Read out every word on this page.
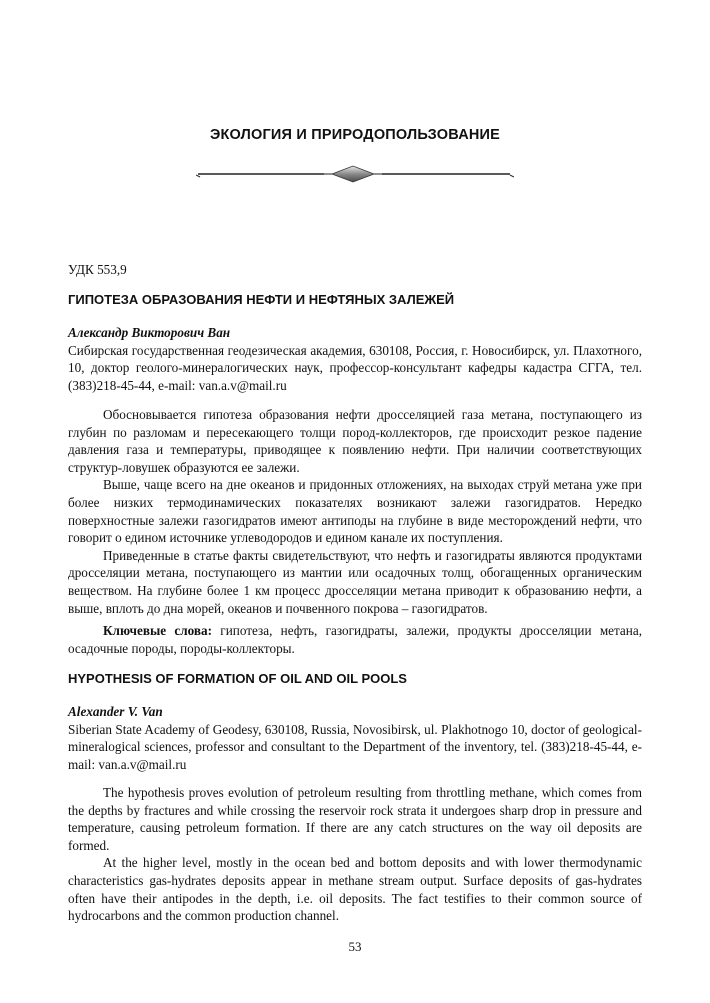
ЭКОЛОГИЯ И ПРИРОДОПОЛЬЗОВАНИЕ
УДК 553,9
ГИПОТЕЗА ОБРАЗОВАНИЯ НЕФТИ И НЕФТЯНЫХ ЗАЛЕЖЕЙ
Александр Викторович Ван
Сибирская государственная геодезическая академия, 630108, Россия, г. Новосибирск, ул. Плахотного, 10, доктор геолого-минералогических наук, профессор-консультант кафедры кадастра СГГА, тел. (383)218-45-44, e-mail: van.a.v@mail.ru

Обосновывается гипотеза образования нефти дросселяцией газа метана, поступающего из глубин по разломам и пересекающего толщи пород-коллекторов, где происходит резкое падение давления газа и температуры, приводящее к появлению нефти. При наличии соответствующих структур-ловушек образуются ее залежи.

Выше, чаще всего на дне океанов и придонных отложениях, на выходах струй метана уже при более низких термодинамических показателях возникают залежи газогидратов. Нередко поверхностные залежи газогидратов имеют антиподы на глубине в виде месторождений нефти, что говорит о едином источнике углеводородов и едином канале их поступления.

Приведенные в статье факты свидетельствуют, что нефть и газогидраты являются продуктами дросселяции метана, поступающего из мантии или осадочных толщ, обогащенных органическим веществом. На глубине более 1 км процесс дросселяции метана приводит к образованию нефти, а выше, вплоть до дна морей, океанов и почвенного покрова – газогидратов.

Ключевые слова: гипотеза, нефть, газогидраты, залежи, продукты дросселяции метана, осадочные породы, породы-коллекторы.

HYPOTHESIS OF FORMATION OF OIL AND OIL POOLS
Alexander V. Van
Siberian State Academy of Geodesy, 630108, Russia, Novosibirsk, ul. Plakhotnogo 10, doctor of geological-mineralogical sciences, professor and consultant to the Department of the inventory, tel. (383)218-45-44, e-mail: van.a.v@mail.ru

The hypothesis proves evolution of petroleum resulting from throttling methane, which comes from the depths by fractures and while crossing the reservoir rock strata it undergoes sharp drop in pressure and temperature, causing petroleum formation. If there are any catch structures on the way oil deposits are formed.

At the higher level, mostly in the ocean bed and bottom deposits and with lower thermodynamic characteristics gas-hydrates deposits appear in methane stream output. Surface deposits of gas-hydrates often have their antipodes in the depth, i.e. oil deposits. The fact testifies to their common source of hydrocarbons and the common production channel.

53
